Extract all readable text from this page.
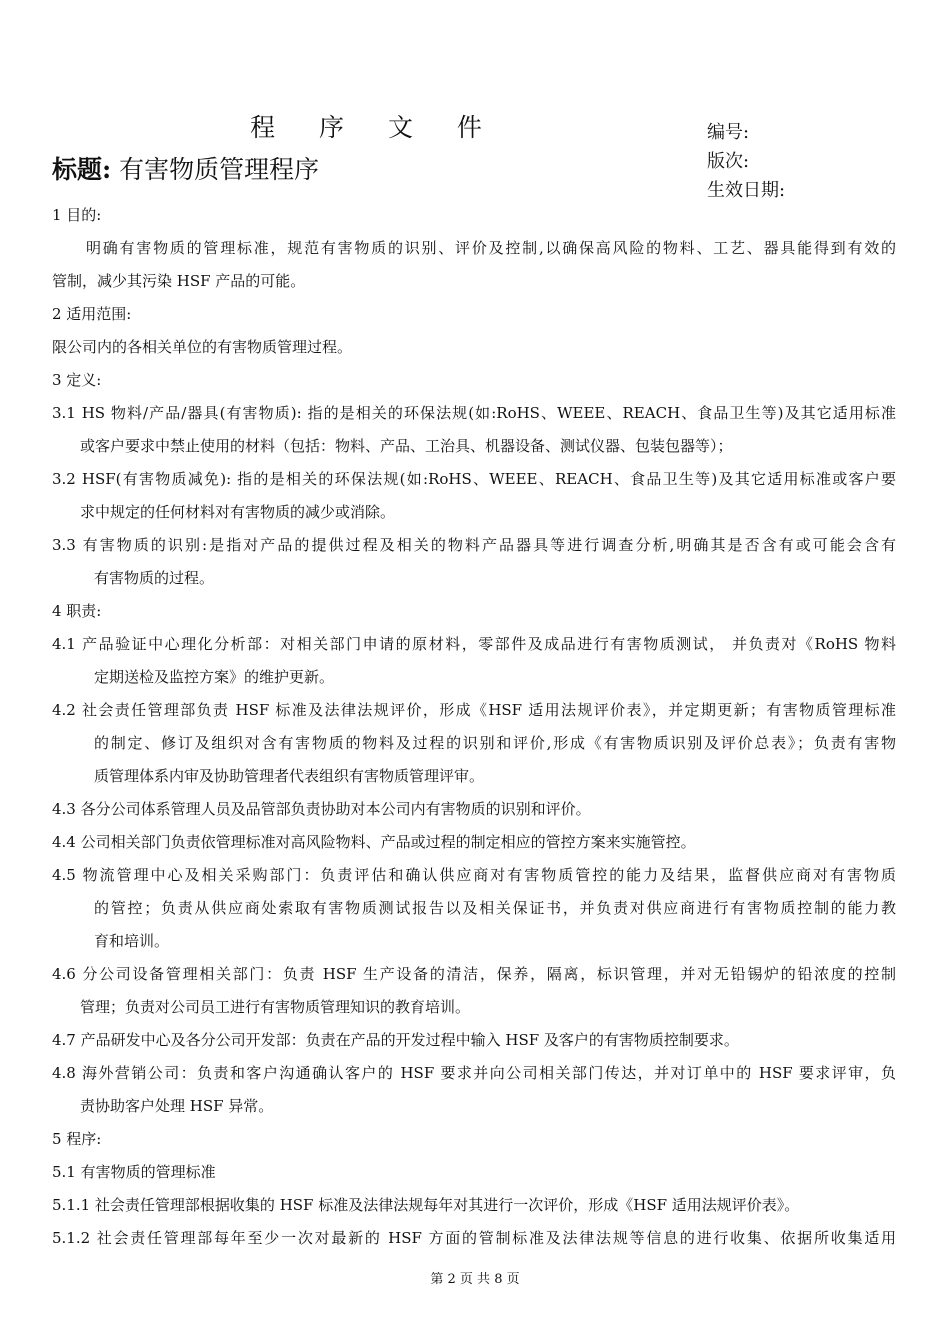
程 序 文 件
标题: 有害物质管理程序
编号:
版次:
生效日期:
1 目的:
明确有害物质的管理标准，规范有害物质的识别、评价及控制,以确保高风险的物料、工艺、器具能得到有效的
管制，减少其污染 HSF 产品的可能。
2 适用范围:
限公司内的各相关单位的有害物质管理过程。
3 定义:
3.1 HS 物料/产品/器具(有害物质): 指的是相关的环保法规(如:RoHS、WEEE、REACH、食品卫生等)及其它适用标准
或客户要求中禁止使用的材料（包括：物料、产品、工治具、机器设备、测试仪器、包装包器等）；
3.2 HSF(有害物质减免): 指的是相关的环保法规(如:RoHS、WEEE、REACH、食品卫生等)及其它适用标准或客户要
求中规定的任何材料对有害物质的减少或消除。
3.3 有害物质的识别:是指对产品的提供过程及相关的物料产品器具等进行调查分析,明确其是否含有或可能会含有
有害物质的过程。
4 职责:
4.1 产品验证中心理化分析部：对相关部门申请的原材料，零部件及成品进行有害物质测试， 并负责对《RoHS 物料
定期送检及监控方案》的维护更新。
4.2 社会责任管理部负责 HSF 标准及法律法规评价，形成《HSF 适用法规评价表》，并定期更新；有害物质管理标准
的制定、修订及组织对含有害物质的物料及过程的识别和评价,形成《有害物质识别及评价总表》；负责有害物
质管理体系内审及协助管理者代表组织有害物质管理评审。
4.3 各分公司体系管理人员及品管部负责协助对本公司内有害物质的识别和评价。
4.4 公司相关部门负责依管理标准对高风险物料、产品或过程的制定相应的管控方案来实施管控。
4.5 物流管理中心及相关采购部门：负责评估和确认供应商对有害物质管控的能力及结果，监督供应商对有害物质
的管控；负责从供应商处索取有害物质测试报告以及相关保证书，并负责对供应商进行有害物质控制的能力教
育和培训。
4.6 分公司设备管理相关部门：负责 HSF 生产设备的清洁，保养，隔离，标识管理，并对无铅锡炉的铅浓度的控制
管理；负责对公司员工进行有害物质管理知识的教育培训。
4.7 产品研发中心及各分公司开发部：负责在产品的开发过程中输入 HSF 及客户的有害物质控制要求。
4.8 海外营销公司：负责和客户沟通确认客户的 HSF 要求并向公司相关部门传达，并对订单中的 HSF 要求评审，负
责协助客户处理 HSF 异常。
5 程序:
5.1 有害物质的管理标准
5.1.1 社会责任管理部根据收集的 HSF 标准及法律法规每年对其进行一次评价，形成《HSF 适用法规评价表》。
5.1.2 社会责任管理部每年至少一次对最新的 HSF 方面的管制标准及法律法规等信息的进行收集、依据所收集适用
第 2 页 共 8 页
